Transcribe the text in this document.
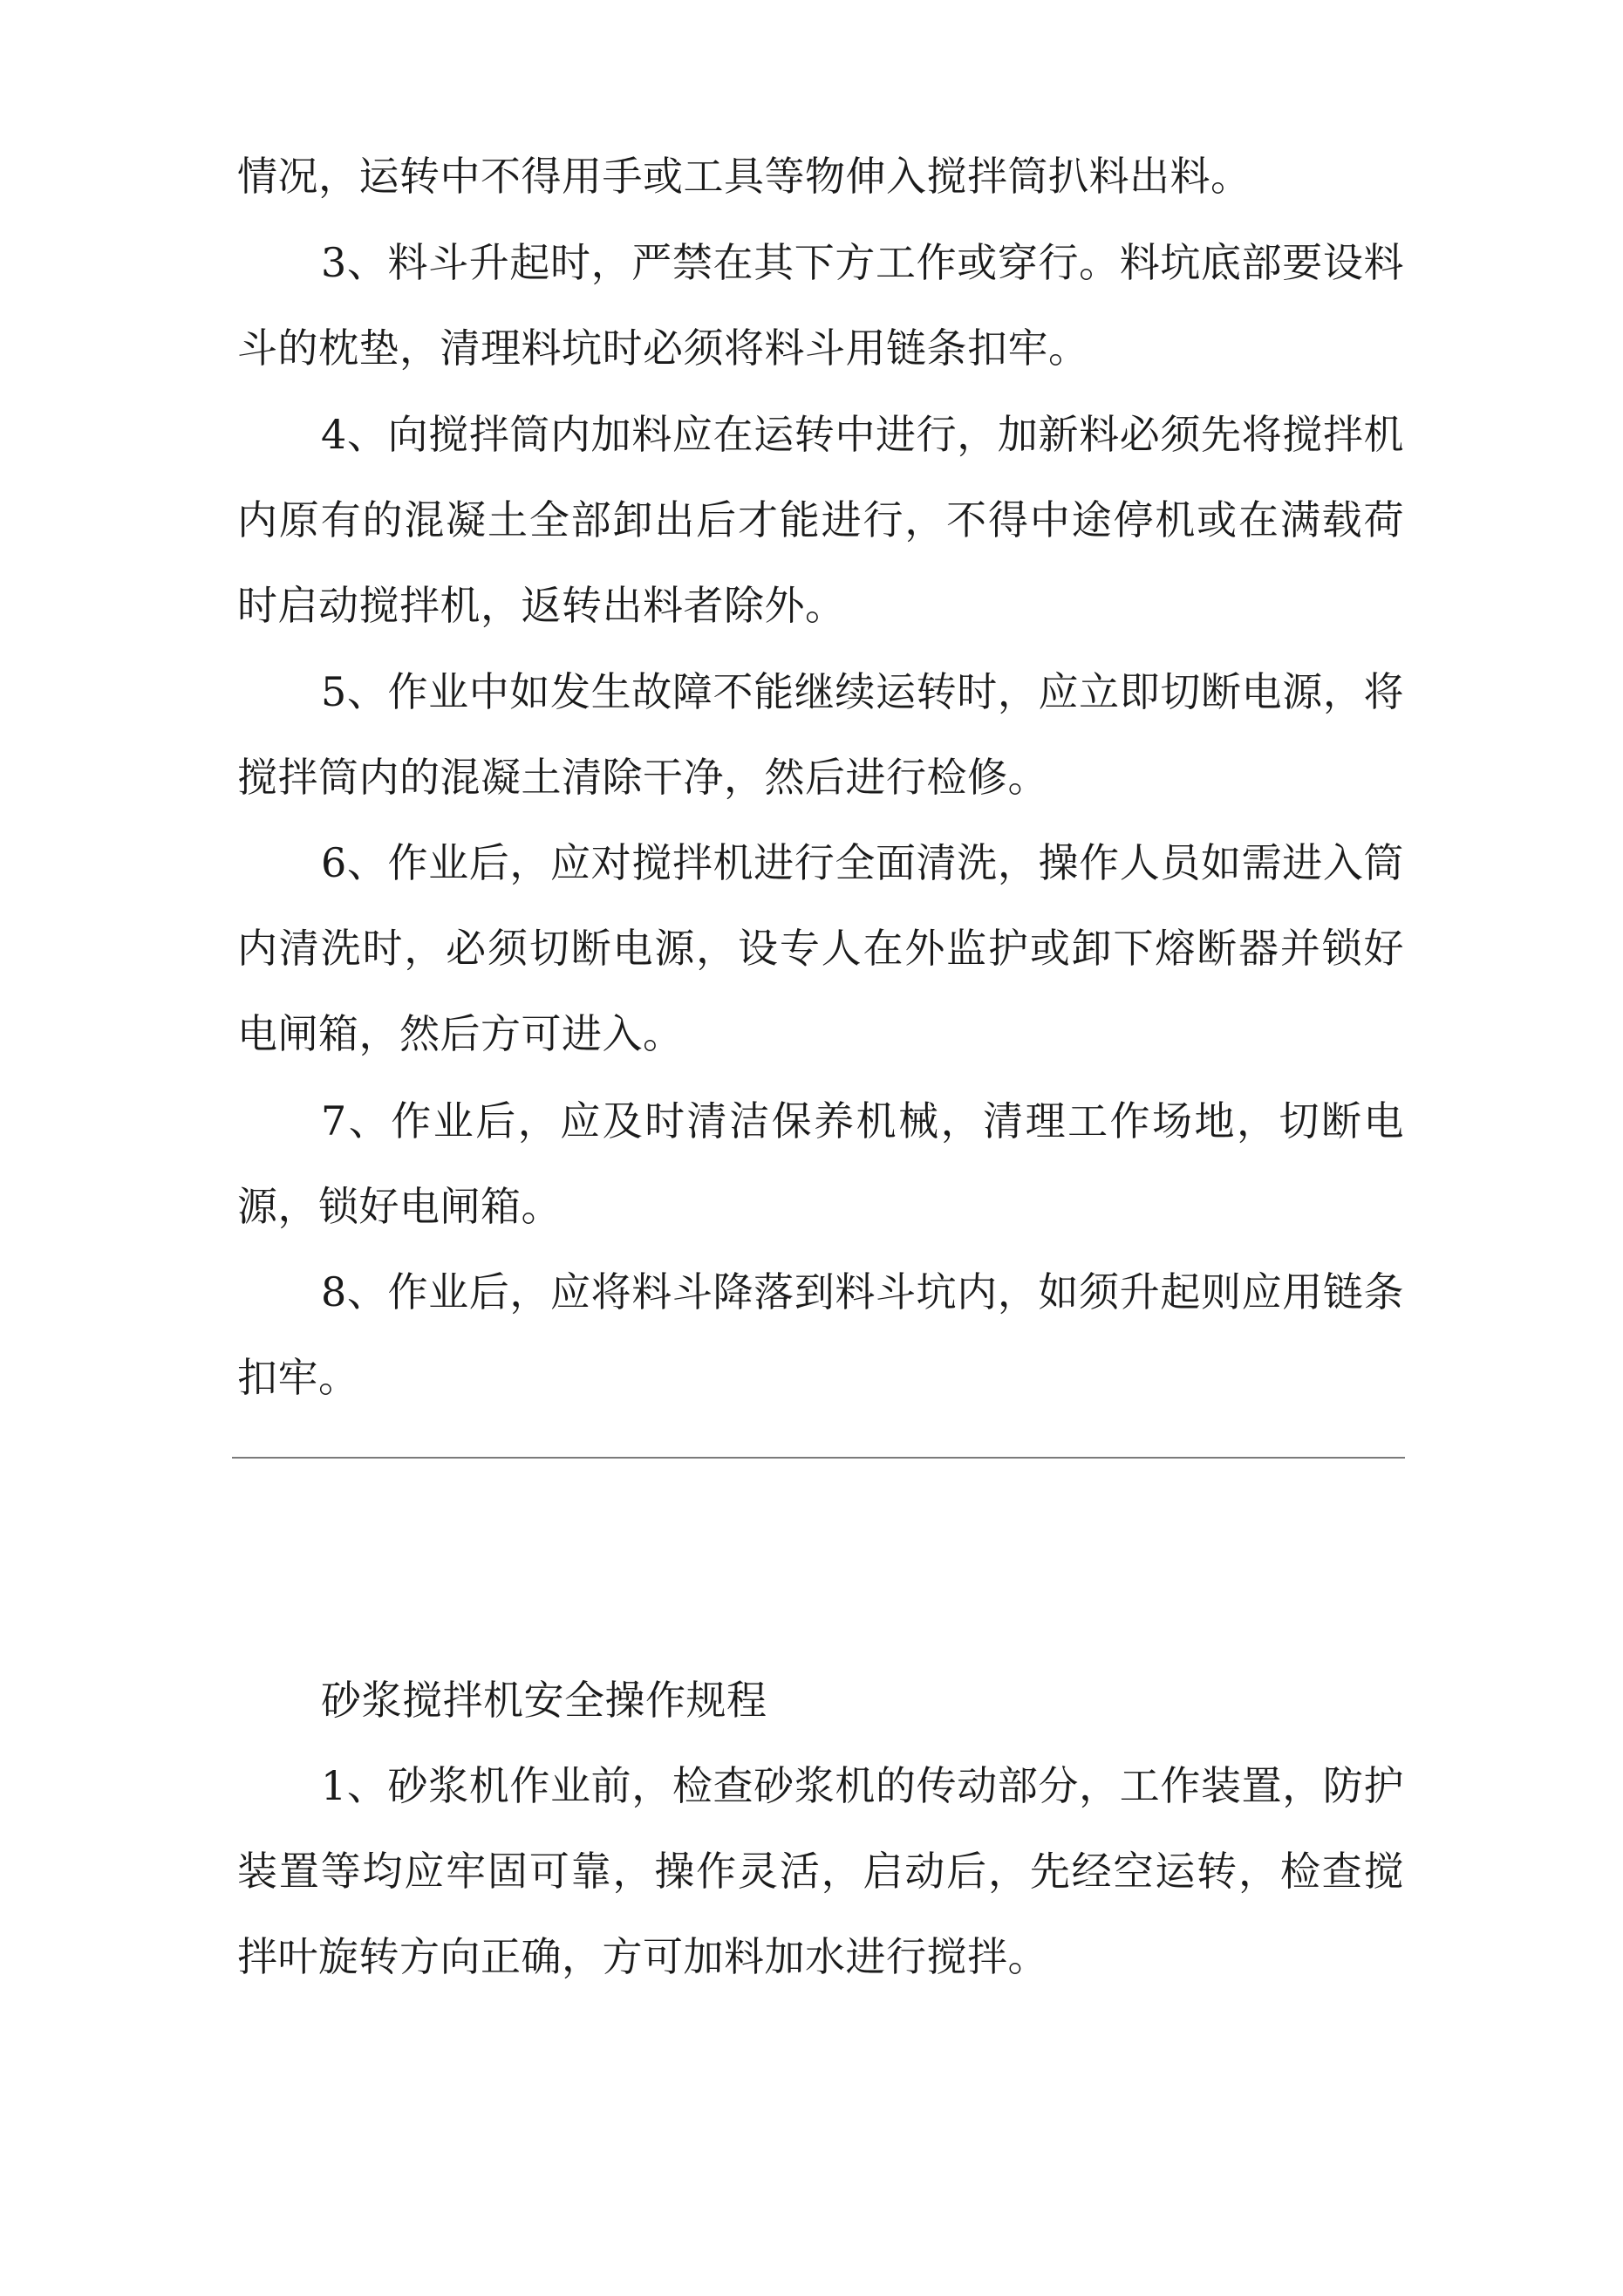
情况，运转中不得用手或工具等物伸入搅拌筒扒料出料。

3、料斗升起时，严禁在其下方工作或穿行。料坑底部要设料斗的枕垫，清理料坑时必须将料斗用链条扣牢。

4、向搅拌筒内加料应在运转中进行，加新料必须先将搅拌机内原有的混凝土全部卸出后才能进行，不得中途停机或在满载荷时启动搅拌机，返转出料者除外。

5、作业中如发生故障不能继续运转时，应立即切断电源，将搅拌筒内的混凝土清除干净，然后进行检修。

6、作业后，应对搅拌机进行全面清洗，操作人员如需进入筒内清洗时，必须切断电源，设专人在外监护或卸下熔断器并锁好电闸箱，然后方可进入。

7、作业后，应及时清洁保养机械，清理工作场地，切断电源，锁好电闸箱。

8、作业后，应将料斗降落到料斗坑内，如须升起则应用链条扣牢。

砂浆搅拌机安全操作规程

1、砂浆机作业前，检查砂浆机的传动部分，工作装置，防护装置等均应牢固可靠，操作灵活，启动后，先经空运转，检查搅拌叶旋转方向正确，方可加料加水进行搅拌。
